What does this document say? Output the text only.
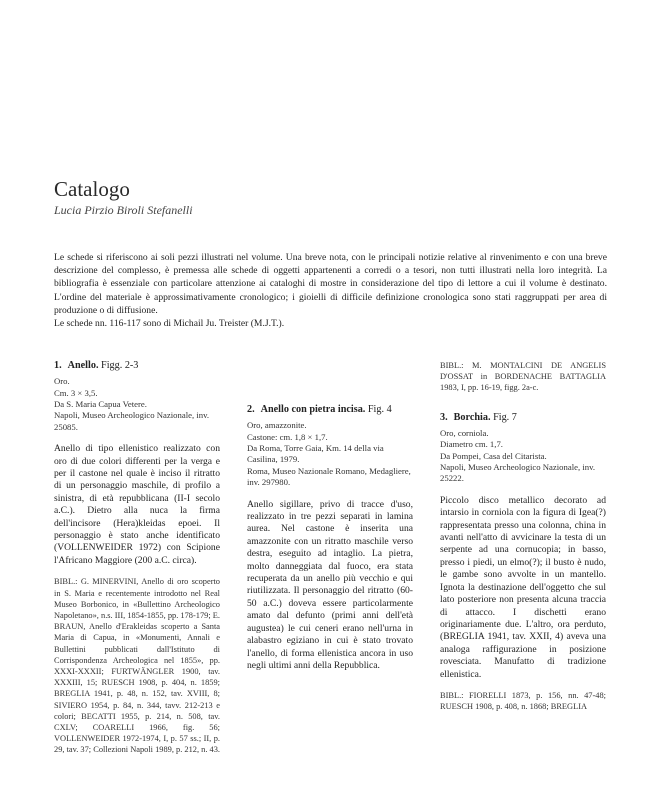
Catalogo

Lucia Pirzio Biroli Stefanelli

Le schede si riferiscono ai soli pezzi illustrati nel volume. Una breve nota, con le principali notizie relative al rinvenimento e con una breve descrizione del complesso, è premessa alle schede di oggetti appartenenti a corredi o a tesori, non tutti illustrati nella loro integrità. La bibliografia è essenziale con particolare attenzione ai cataloghi di mostre in considerazione del tipo di lettore a cui il volume è destinato. L'ordine del materiale è approssimativamente cronologico; i gioielli di difficile definizione cronologica sono stati raggruppati per area di produzione o di diffusione.

Le schede nn. 116-117 sono di Michail Ju. Treister (M.J.T.).

1. Anello. Figg. 2-3

Oro.
Cm. 3 × 3,5.
Da S. Maria Capua Vetere.
Napoli, Museo Archeologico Nazionale, inv. 25085.

Anello di tipo ellenistico realizzato con oro di due colori differenti per la verga e per il castone nel quale è inciso il ritratto di un personaggio maschile, di profilo a sinistra, di età repubblicana (II-I secolo a.C.). Dietro alla nuca la firma dell'incisore (Hera)kleidas epoei. Il personaggio è stato anche identificato (VOLLENWEIDER 1972) con Scipione l'Africano Maggiore (200 a.C. circa).

BIBL.: G. MINERVINI, Anello di oro scoperto in S. Maria e recentemente introdotto nel Real Museo Borbonico, in «Bullettino Archeologico Napoletano», n.s. III, 1854-1855, pp. 178-179; E. BRAUN, Anello d'Erakleidas scoperto a Santa Maria di Capua, in «Monumenti, Annali e Bullettini pubblicati dall'Istituto di Corrispondenza Archeologica nel 1855», pp. XXXI-XXXII; FURTWÄNGLER 1900, tav. XXXIII, 15; RUESCH 1908, p. 404, n. 1859; BREGLIA 1941, p. 48, n. 152, tav. XVIII, 8; SIVIERO 1954, p. 84, n. 344, tavv. 212-213 e colori; BECATTI 1955, p. 214, n. 508, tav. CXLV; COARELLI 1966, fig. 56; VOLLENWEIDER 1972-1974, I, p. 57 ss.; II, p. 29, tav. 37; Collezioni Napoli 1989, p. 212, n. 43.

2. Anello con pietra incisa. Fig. 4

Oro, amazzonite.
Castone: cm. 1,8 × 1,7.
Da Roma, Torre Gaia, Km. 14 della via Casilina, 1979.
Roma, Museo Nazionale Romano, Medagliere, inv. 297980.

Anello sigillare, privo di tracce d'uso, realizzato in tre pezzi separati in lamina aurea. Nel castone è inserita una amazzonite con un ritratto maschile verso destra, eseguito ad intaglio. La pietra, molto danneggiata dal fuoco, era stata recuperata da un anello più vecchio e qui riutilizzata. Il personaggio del ritratto (60-50 a.C.) doveva essere particolarmente amato dal defunto (primi anni dell'età augustea) le cui ceneri erano nell'urna in alabastro egiziano in cui è stato trovato l'anello, di forma ellenistica ancora in uso negli ultimi anni della Repubblica.

BIBL.: M. MONTALCINI DE ANGELIS D'OSSAT in BORDENACHE BATTAGLIA 1983, I, pp. 16-19, figg. 2a-c.

3. Borchia. Fig. 7

Oro, corniola.
Diametro cm. 1,7.
Da Pompei, Casa del Citarista.
Napoli, Museo Archeologico Nazionale, inv. 25222.

Piccolo disco metallico decorato ad intarsio in corniola con la figura di Igea(?) rappresentata presso una colonna, china in avanti nell'atto di avvicinare la testa di un serpente ad una cornucopia; in basso, presso i piedi, un elmo(?); il busto è nudo, le gambe sono avvolte in un mantello. Ignota la destinazione dell'oggetto che sul lato posteriore non presenta alcuna traccia di attacco. I dischetti erano originariamente due. L'altro, ora perduto, (BREGLIA 1941, tav. XXII, 4) aveva una analoga raffigurazione in posizione rovesciata. Manufatto di tradizione ellenistica.

BIBL.: FIORELLI 1873, p. 156, nn. 47-48; RUESCH 1908, p. 408, n. 1868; BREGLIA
